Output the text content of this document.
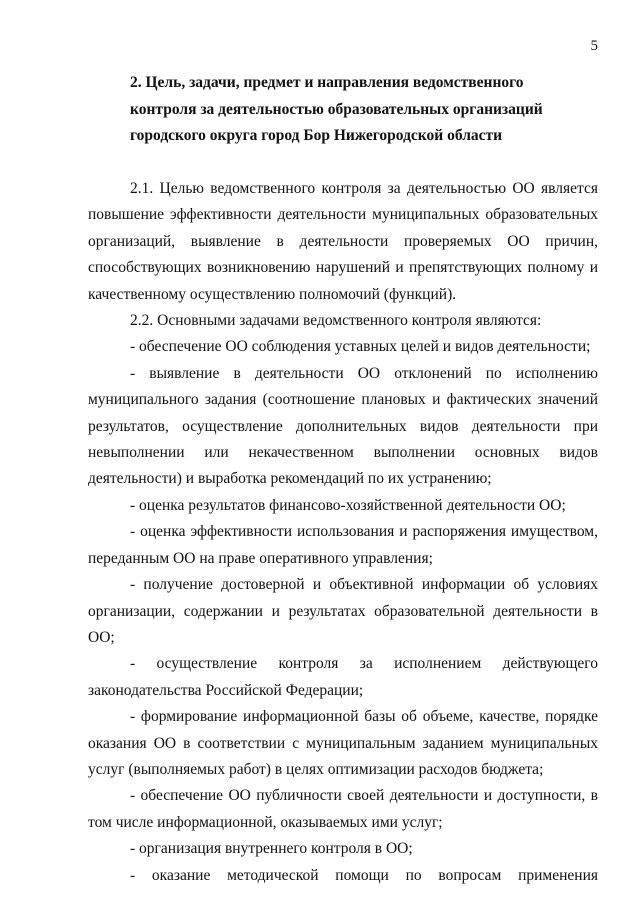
5
2. Цель, задачи, предмет и направления ведомственного
контроля за деятельностью образовательных организаций
городского округа город Бор Нижегородской области

2.1. Целью ведомственного контроля за деятельностью ОО является повышение эффективности деятельности муниципальных образовательных организаций, выявление в деятельности проверяемых ОО причин, способствующих возникновению нарушений и препятствующих полному и качественному осуществлению полномочий (функций).

2.2. Основными задачами ведомственного контроля являются:

- обеспечение ОО соблюдения уставных целей и видов деятельности;

- выявление в деятельности ОО отклонений по исполнению муниципального задания (соотношение плановых и фактических значений результатов, осуществление дополнительных видов деятельности при невыполнении или некачественном выполнении основных видов деятельности) и выработка рекомендаций по их устранению;

- оценка результатов финансово-хозяйственной деятельности ОО;

- оценка эффективности использования и распоряжения имуществом, переданным ОО на праве оперативного управления;

- получение достоверной и объективной информации об условиях организации, содержании и результатах образовательной деятельности в ОО;

- осуществление контроля за исполнением действующего законодательства Российской Федерации;

- формирование информационной базы об объеме, качестве, порядке оказания ОО в соответствии с муниципальным заданием муниципальных услуг (выполняемых работ) в целях оптимизации расходов бюджета;

- обеспечение ОО публичности своей деятельности и доступности, в том числе информационной, оказываемых ими услуг;

- организация внутреннего контроля в ОО;

- оказание методической помощи по вопросам применения
